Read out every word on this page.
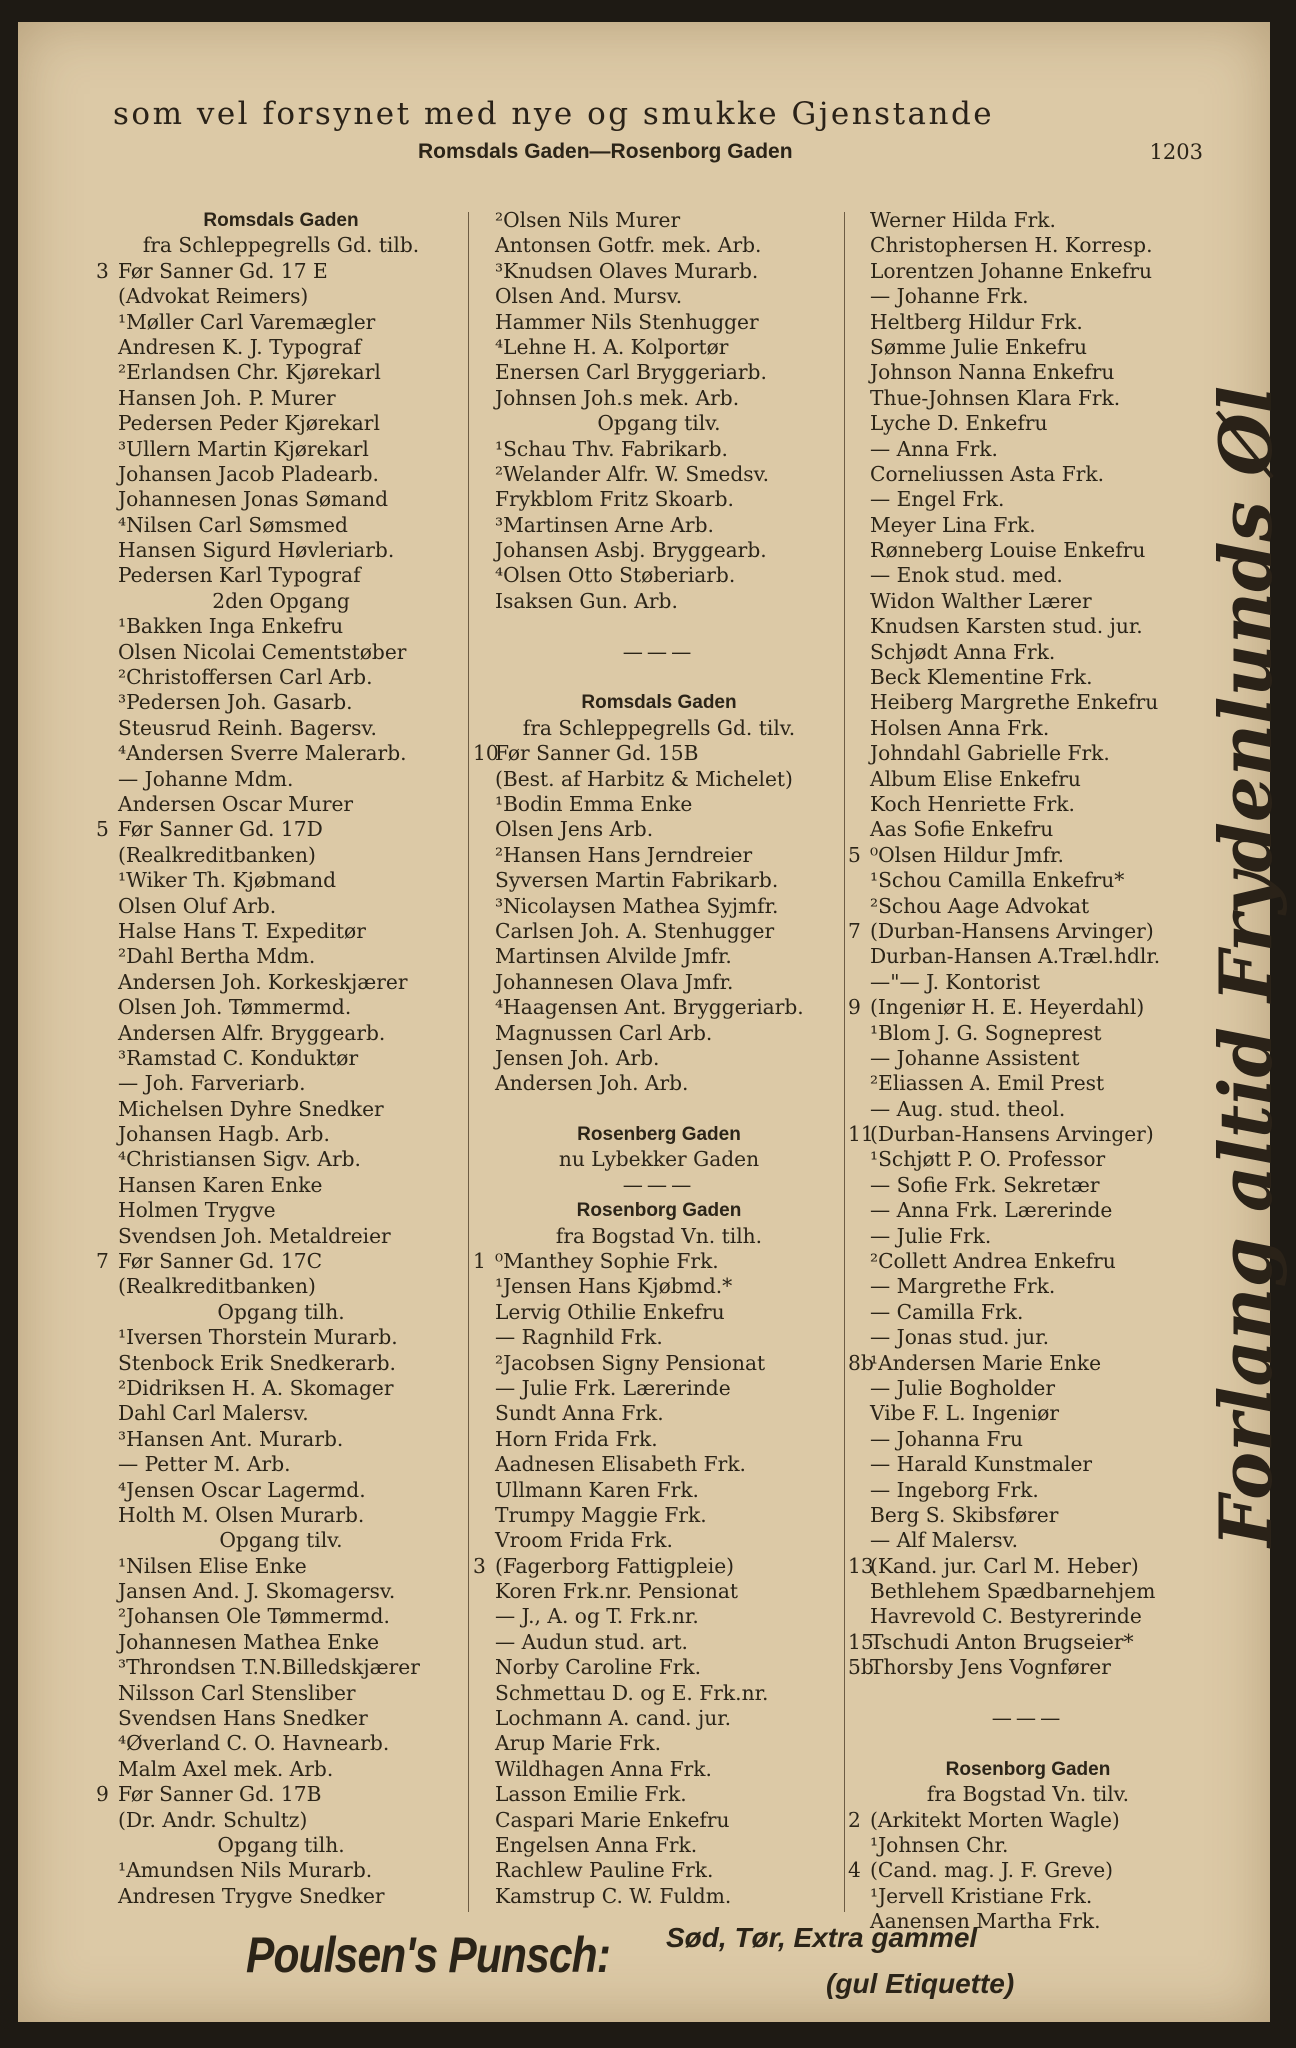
som vel forsynet med nye og smukke Gjenstande
Romsdals Gaden—Rosenborg Gaden	1203
Romsdals Gaden
fra Schleppegrells Gd. tilb.
3 Før Sanner Gd. 17 E
(Advokat Reimers)
¹Møller Carl Varemægler
Andresen K. J. Typograf
²Erlandsen Chr. Kjørekarl
Hansen Joh. P. Murer
Pedersen Peder Kjørekarl
³Ullern Martin Kjørekarl
Johansen Jacob Pladearb.
Johannesen Jonas Sømand
⁴Nilsen Carl Sømsmed
Hansen Sigurd Høvleriarb.
Pedersen Karl Typograf
2den Opgang
¹Bakken Inga Enkefru
Olsen Nicolai Cementstøber
²Christoffersen Carl Arb.
³Pedersen Joh. Gasarb.
Steusrud Reinh. Bagersv.
⁴Andersen Sverre Malerarb.
— Johanne Mdm.
Andersen Oscar Murer
5 Før Sanner Gd. 17D
(Realkreditbanken)
¹Wiker Th. Kjøbmand
Olsen Oluf Arb.
Halse Hans T. Expeditør
²Dahl Bertha Mdm.
Andersen Joh. Korkeskjærer
Olsen Joh. Tømmermd.
Andersen Alfr. Bryggearb.
³Ramstad C. Konduktør
— Joh. Farveriarb.
Michelsen Dyhre Snedker
Johansen Hagb. Arb.
⁴Christiansen Sigv. Arb.
Hansen Karen Enke
Holmen Trygve
Svendsen Joh. Metaldreier
7 Før Sanner Gd. 17C
(Realkreditbanken)
Opgang tilh.
¹Iversen Thorstein Murarb.
Stenbock Erik Snedkerarb.
²Didriksen H. A. Skomager
Dahl Carl Malersv.
³Hansen Ant. Murarb.
— Petter M. Arb.
⁴Jensen Oscar Lagermd.
Holth M. Olsen Murarb.
Opgang tilv.
¹Nilsen Elise Enke
Jansen And. J. Skomagersv.
²Johansen Ole Tømmermd.
Johannesen Mathea Enke
³Throndsen T.N.Billedskjærer
Nilsson Carl Stensliber
Svendsen Hans Snedker
⁴Øverland C. O. Havnearb.
Malm Axel mek. Arb.
9 Før Sanner Gd. 17B
(Dr. Andr. Schultz)
Opgang tilh.
¹Amundsen Nils Murarb.
Andresen Trygve Snedker
²Olsen Nils Murer
Antonsen Gotfr. mek. Arb.
³Knudsen Olaves Murarb.
Olsen And. Mursv.
Hammer Nils Stenhugger
⁴Lehne H. A. Kolportør
Enersen Carl Bryggeriarb.
Johnsen Joh.s mek. Arb.
Opgang tilv.
¹Schau Thv. Fabrikarb.
²Welander Alfr. W. Smedsv.
Frykblom Fritz Skoarb.
³Martinsen Arne Arb.
Johansen Asbj. Bryggearb.
⁴Olsen Otto Støberiarb.
Isaksen Gun. Arb.
———
Romsdals Gaden
fra Schleppegrells Gd. tilv.
10Før Sanner Gd. 15B
(Best. af Harbitz & Michelet)
¹Bodin Emma Enke
Olsen Jens Arb.
²Hansen Hans Jerndreier
Syversen Martin Fabrikarb.
³Nicolaysen Mathea Syjmfr.
Carlsen Joh. A. Stenhugger
Martinsen Alvilde Jmfr.
Johannesen Olava Jmfr.
⁴Haagensen Ant. Bryggeriarb.
Magnussen Carl Arb.
Jensen Joh. Arb.
Andersen Joh. Arb.
Rosenberg Gaden
nu Lybekker Gaden
———
Rosenborg Gaden
fra Bogstad Vn. tilh.
1 ⁰Manthey Sophie Frk.
¹Jensen Hans Kjøbmd.*
Lervig Othilie Enkefru
— Ragnhild Frk.
²Jacobsen Signy Pensionat
— Julie Frk. Lærerinde
Sundt Anna Frk.
Horn Frida Frk.
Aadnesen Elisabeth Frk.
Ullmann Karen Frk.
Trumpy Maggie Frk.
Vroom Frida Frk.
3 (Fagerborg Fattigpleie)
Koren Frk.nr. Pensionat
— J., A. og T. Frk.nr.
— Audun stud. art.
Norby Caroline Frk.
Schmettau D. og E. Frk.nr.
Lochmann A. cand. jur.
Arup Marie Frk.
Wildhagen Anna Frk.
Lasson Emilie Frk.
Caspari Marie Enkefru
Engelsen Anna Frk.
Rachlew Pauline Frk.
Kamstrup C. W. Fuldm.
Werner Hilda Frk.
Christophersen H. Korresp.
Lorentzen Johanne Enkefru
— Johanne Frk.
Heltberg Hildur Frk.
Sømme Julie Enkefru
Johnson Nanna Enkefru
Thue-Johnsen Klara Frk.
Lyche D. Enkefru
— Anna Frk.
Corneliussen Asta Frk.
— Engel Frk.
Meyer Lina Frk.
Rønneberg Louise Enkefru
— Enok stud. med.
Widon Walther Lærer
Knudsen Karsten stud. jur.
Schjødt Anna Frk.
Beck Klementine Frk.
Heiberg Margrethe Enkefru
Holsen Anna Frk.
Johndahl Gabrielle Frk.
Album Elise Enkefru
Koch Henriette Frk.
Aas Sofie Enkefru
5 ⁰Olsen Hildur Jmfr.
¹Schou Camilla Enkefru*
²Schou Aage Advokat
7 (Durban-Hansens Arvinger)
Durban-Hansen A.Træl.hdlr.
—"— J. Kontorist
9 (Ingeniør H. E. Heyerdahl)
¹Blom J. G. Sogneprest
— Johanne Assistent
²Eliassen A. Emil Prest
— Aug. stud. theol.
11(Durban-Hansens Arvinger)
¹Schjøtt P. O. Professor
— Sofie Frk. Sekretær
— Anna Frk. Lærerinde
— Julie Frk.
²Collett Andrea Enkefru
— Margrethe Frk.
— Camilla Frk.
— Jonas stud. jur.
8b¹Andersen Marie Enke
— Julie Bogholder
Vibe F. L. Ingeniør
— Johanna Fru
— Harald Kunstmaler
— Ingeborg Frk.
Berg S. Skibsfører
— Alf Malersv.
13(Kand. jur. Carl M. Heber)
Bethlehem Spædbarnehjem
Havrevold C. Bestyrerinde
15Tschudi Anton Brugseier*
5bThorsby Jens Vognfører
———
Rosenborg Gaden
fra Bogstad Vn. tilv.
2 (Arkitekt Morten Wagle)
¹Johnsen Chr.
4 (Cand. mag. J. F. Greve)
¹Jervell Kristiane Frk.
Aanensen Martha Frk.
Forlang altid Frydenlunds Øl
Poulsen's Punsch: Sød, Tør, Extra gammel
(gul Etiquette)
